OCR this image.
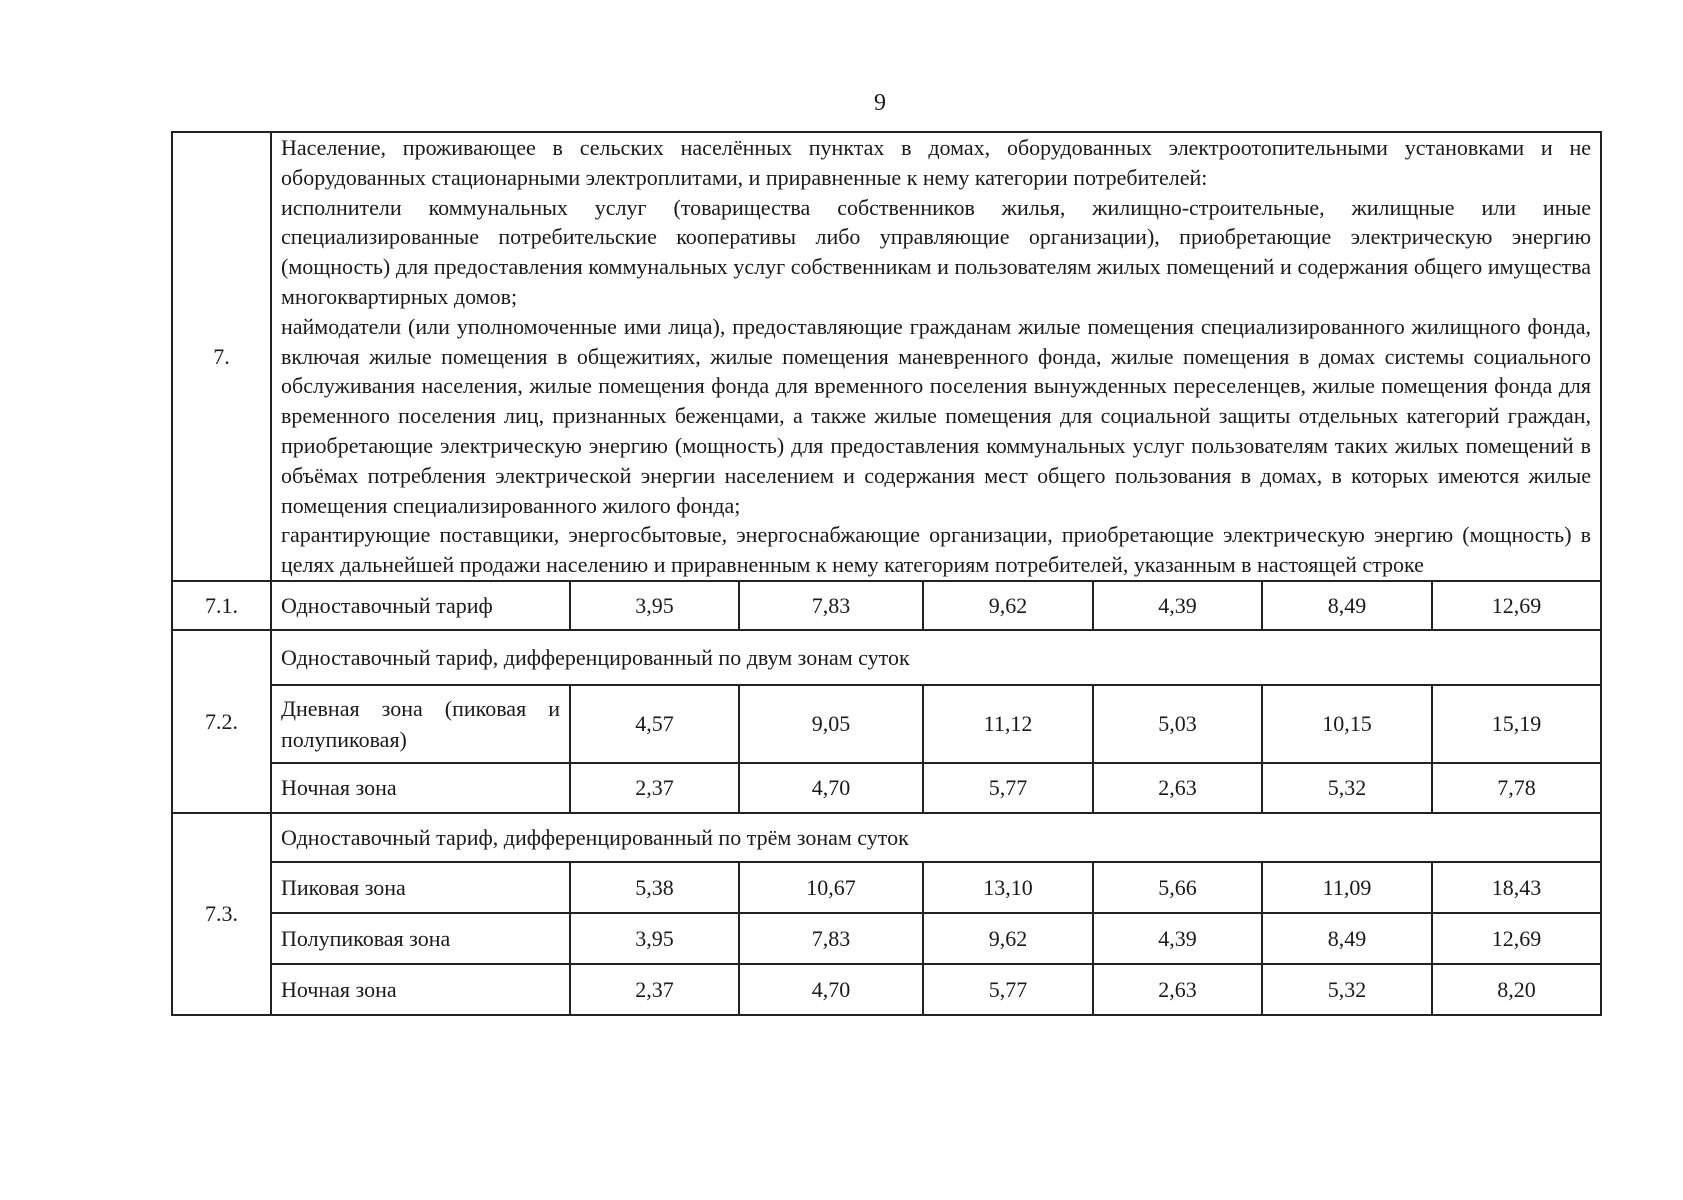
9
7.	Население, проживающее в сельских населённых пунктах в домах, оборудованных электроотопительными установками и не оборудованных стационарными электроплитами, и приравненные к нему категории потребителей:
исполнители коммунальных услуг (товарищества собственников жилья, жилищно-строительные, жилищные или иные специализированные потребительские кооперативы либо управляющие организации), приобретающие электрическую энергию (мощность) для предоставления коммунальных услуг собственникам и пользователям жилых помещений и содержания общего имущества многоквартирных домов;
наймодатели (или уполномоченные ими лица), предоставляющие гражданам жилые помещения специализированного жилищного фонда, включая жилые помещения в общежитиях, жилые помещения маневренного фонда, жилые помещения в домах системы социального обслуживания населения, жилые помещения фонда для временного поселения вынужденных переселенцев, жилые помещения фонда для временного поселения лиц, признанных беженцами, а также жилые помещения для социальной защиты отдельных категорий граждан, приобретающие электрическую энергию (мощность) для предоставления коммунальных услуг пользователям таких жилых помещений в объёмах потребления электрической энергии населением и содержания мест общего пользования в домах, в которых имеются жилые помещения специализированного жилого фонда;
гарантирующие поставщики, энергосбытовые, энергоснабжающие организации, приобретающие электрическую энергию (мощность) в целях дальнейшей продажи населению и приравненным к нему категориям потребителей, указанным в настоящей строке						

7.1.	Одноставочный тариф	3,95	7,83	9,62	4,39	8,49	12,69
7.2.	Одноставочный тариф, дифференцированный по двум зонам суток						
	Дневная зона (пиковая и полупиковая)	4,57	9,05	11,12	5,03	10,15	15,19
	Ночная зона	2,37	4,70	5,77	2,63	5,32	7,78
7.3.	Одноставочный тариф, дифференцированный по трём зонам суток						
	Пиковая зона	5,38	10,67	13,10	5,66	11,09	18,43
	Полупиковая зона	3,95	7,83	9,62	4,39	8,49	12,69
	Ночная зона	2,37	4,70	5,77	2,63	5,32	8,20
